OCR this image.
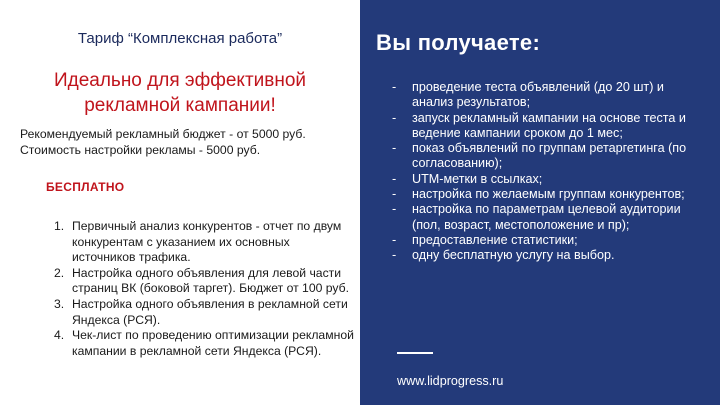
Тариф “Комплексная работа”
Идеально для эффективной
рекламной кампании!
Рекомендуемый рекламный бюджет - от 5000 руб.
Стоимость настройки рекламы - 5000 руб.
БЕСПЛАТНО
1. Первичный анализ конкурентов - отчет по двум конкурентам с указанием их основных источников трафика.
2. Настройка одного объявления для левой части страниц ВК (боковой таргет). Бюджет от 100 руб.
3. Настройка одного объявления в рекламной сети Яндекса (РСЯ).
4. Чек-лист по проведению оптимизации рекламной кампании в рекламной сети Яндекса (РСЯ).
Вы получаете:
- проведение теста объявлений (до 20 шт) и анализ результатов;
- запуск рекламный кампании на основе теста и ведение кампании сроком до 1 мес;
- показ объявлений по группам ретаргетинга (по согласованию);
- UTM-метки в ссылках;
- настройка по желаемым группам конкурентов;
- настройка по параметрам целевой аудитории (пол, возраст, местоположение и пр);
- предоставление статистики;
- одну бесплатную услугу на выбор.
www.lidprogress.ru
